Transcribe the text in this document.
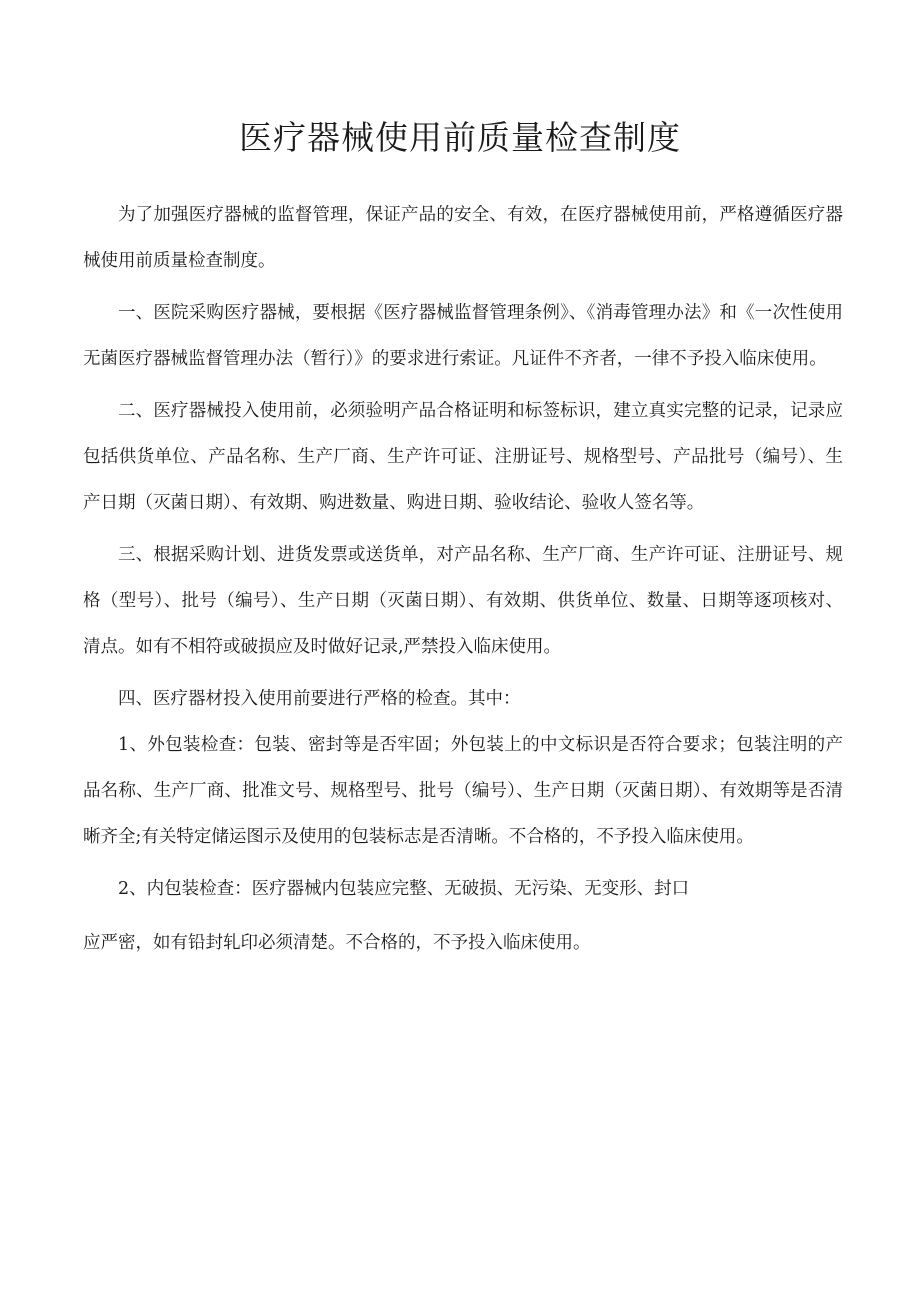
医疗器械使用前质量检查制度

为了加强医疗器械的监督管理，保证产品的安全、有效，在医疗器械使用前，严格遵循医疗器械使用前质量检查制度。

一、医院采购医疗器械，要根据《医疗器械监督管理条例》、《消毒管理办法》和《一次性使用无菌医疗器械监督管理办法（暂行）》的要求进行索证。凡证件不齐者，一律不予投入临床使用。

二、医疗器械投入使用前，必须验明产品合格证明和标签标识，建立真实完整的记录，记录应包括供货单位、产品名称、生产厂商、生产许可证、注册证号、规格型号、产品批号（编号）、生产日期（灭菌日期）、有效期、购进数量、购进日期、验收结论、验收人签名等。

三、根据采购计划、进货发票或送货单，对产品名称、生产厂商、生产许可证、注册证号、规格（型号）、批号（编号）、生产日期（灭菌日期）、有效期、供货单位、数量、日期等逐项核对、清点。如有不相符或破损应及时做好记录,严禁投入临床使用。

四、医疗器材投入使用前要进行严格的检查。其中：

1、外包装检查：包装、密封等是否牢固；外包装上的中文标识是否符合要求；包装注明的产品名称、生产厂商、批准文号、规格型号、批号（编号）、生产日期（灭菌日期）、有效期等是否清晰齐全;有关特定储运图示及使用的包装标志是否清晰。不合格的，不予投入临床使用。

2、内包装检查：医疗器械内包装应完整、无破损、无污染、无变形、封口

应严密，如有铅封轧印必须清楚。不合格的，不予投入临床使用。
